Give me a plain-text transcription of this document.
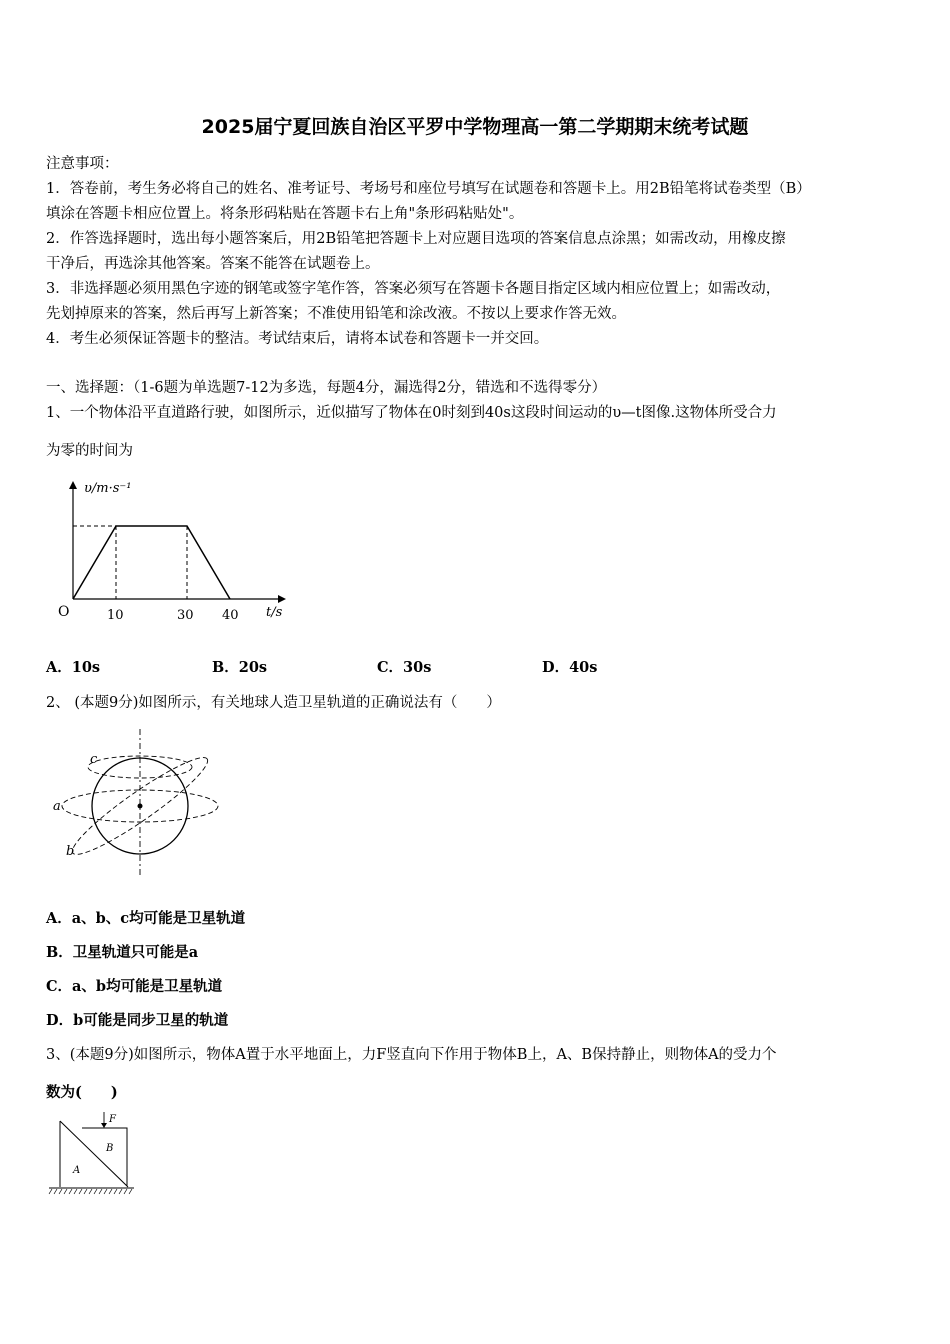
2025届宁夏回族自治区平罗中学物理高一第二学期期末统考试题
注意事项：
1．答卷前，考生务必将自己的姓名、准考证号、考场号和座位号填写在试题卷和答题卡上。用2B铅笔将试卷类型（B）
填涂在答题卡相应位置上。将条形码粘贴在答题卡右上角"条形码粘贴处"。
2．作答选择题时，选出每小题答案后，用2B铅笔把答题卡上对应题目选项的答案信息点涂黑；如需改动，用橡皮擦
干净后，再选涂其他答案。答案不能答在试题卷上。
3．非选择题必须用黑色字迹的钢笔或签字笔作答，答案必须写在答题卡各题目指定区域内相应位置上；如需改动，
先划掉原来的答案，然后再写上新答案；不准使用铅笔和涂改液。不按以上要求作答无效。
4．考生必须保证答题卡的整洁。考试结束后，请将本试卷和答题卡一并交回。
一、选择题：（1-6题为单选题7-12为多选，每题4分，漏选得2分，错选和不选得零分）
1、一个物体沿平直道路行驶，如图所示，近似描写了物体在0时刻到40s这段时间运动的υ—t图像.这物体所受合力
为零的时间为
υ/m·s⁻¹
t/s
O	10	30 40
A．10s	B．20s	C．30s	D．40s
2、 (本题9分)如图所示，有关地球人造卫星轨道的正确说法有（　　）
c
a
b
A．a、b、c均可能是卫星轨道
B．卫星轨道只可能是a
C．a、b均可能是卫星轨道
D．b可能是同步卫星的轨道
3、(本题9分)如图所示，物体A置于水平地面上，力F竖直向下作用于物体B上，A、B保持静止，则物体A的受力个
数为(　　)
F
B
A
